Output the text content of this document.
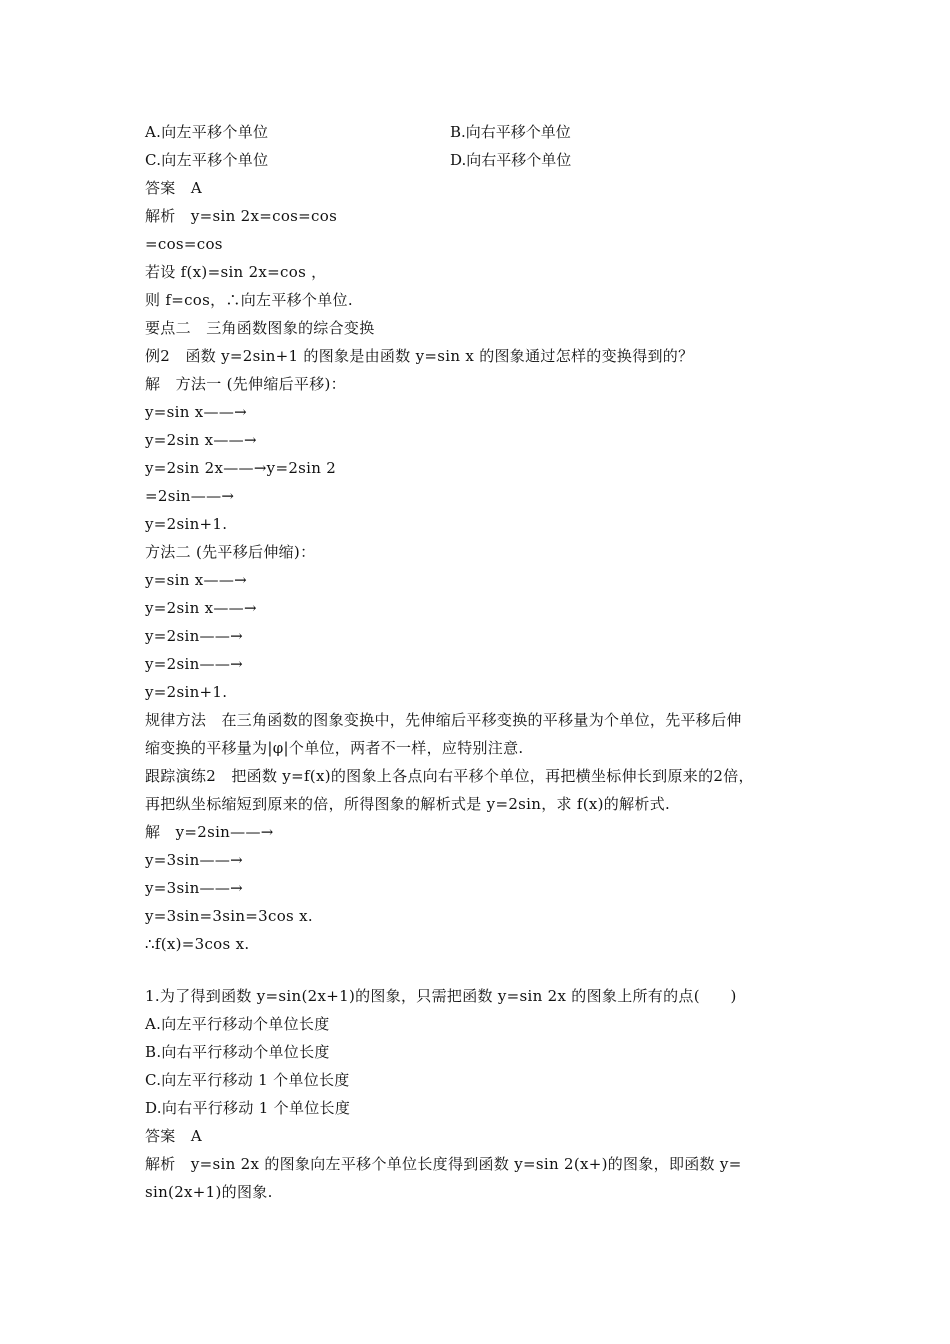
A.向左平移个单位	B.向右平移个单位
C.向左平移个单位	D.向右平移个单位
答案　A
解析　y=sin 2x=cos=cos
=cos=cos
若设 f(x)=sin 2x=cos ，
则 f=cos，∴向左平移个单位.
要点二　三角函数图象的综合变换
例2　函数 y=2sin+1 的图象是由函数 y=sin x 的图象通过怎样的变换得到的？
解　方法一 (先伸缩后平移)：
y=sin x——→
y=2sin x——→
y=2sin 2x——→y=2sin 2
=2sin——→
y=2sin+1.
方法二 (先平移后伸缩)：
y=sin x——→
y=2sin x——→
y=2sin——→
y=2sin——→
y=2sin+1.
规律方法　在三角函数的图象变换中，先伸缩后平移变换的平移量为个单位，先平移后伸
缩变换的平移量为|φ|个单位，两者不一样，应特别注意.
跟踪演练2　把函数 y=f(x)的图象上各点向右平移个单位，再把横坐标伸长到原来的2倍，
再把纵坐标缩短到原来的倍，所得图象的解析式是 y=2sin，求 f(x)的解析式.
解　y=2sin——→
y=3sin——→
y=3sin——→
y=3sin=3sin=3cos x.
∴f(x)=3cos x.
1.为了得到函数 y=sin(2x+1)的图象，只需把函数 y=sin 2x 的图象上所有的点(　　)
A.向左平行移动个单位长度
B.向右平行移动个单位长度
C.向左平行移动 1 个单位长度
D.向右平行移动 1 个单位长度
答案　A
解析　y=sin 2x 的图象向左平移个单位长度得到函数 y=sin 2(x+)的图象，即函数 y=
sin(2x+1)的图象.
